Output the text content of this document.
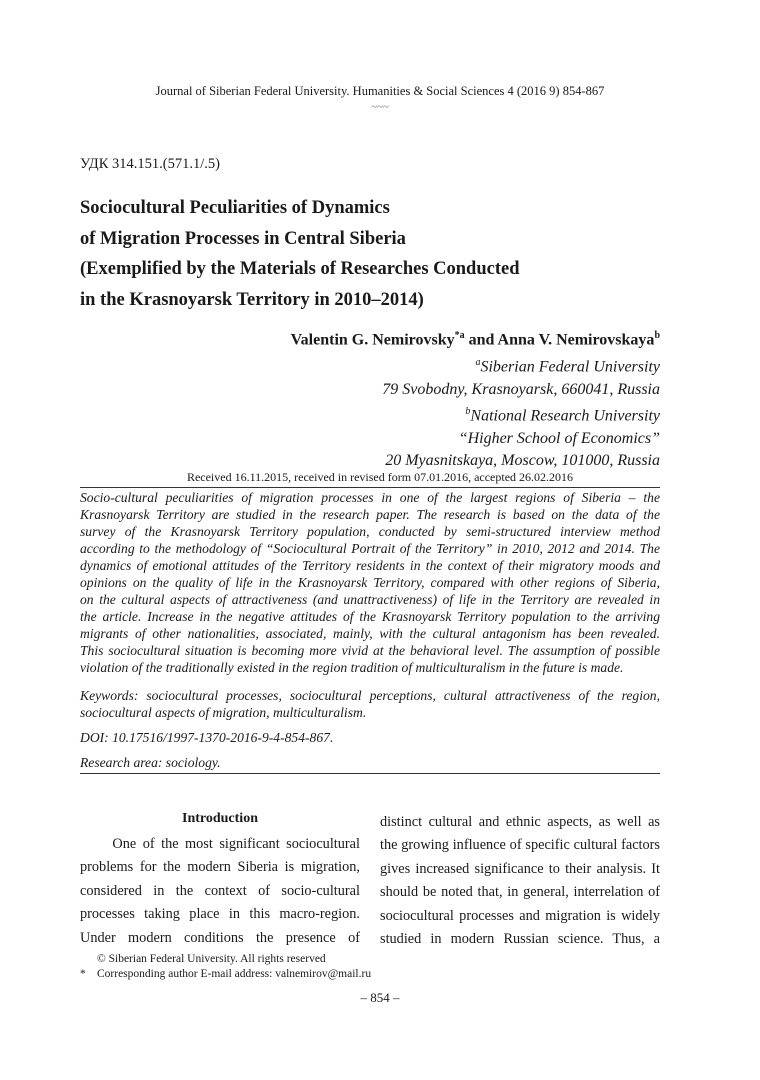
Journal of Siberian Federal University. Humanities & Social Sciences 4 (2016 9) 854-867
~~~
УДК 314.151.(571.1/.5)
Sociocultural Peculiarities of Dynamics
of Migration Processes in Central Siberia
(Exemplified by the Materials of Researches Conducted
in the Krasnoyarsk Territory in 2010–2014)
Valentin G. Nemirovsky$^{*a}$ and Anna V. Nemirovskaya$^b$
$^a$Siberian Federal University
79 Svobodny, Krasnoyarsk, 660041, Russia
$^b$National Research University
“Higher School of Economics”
20 Myasnitskaya, Moscow, 101000, Russia
Received 16.11.2015, received in revised form 07.01.2016, accepted 26.02.2016
Socio-cultural peculiarities of migration processes in one of the largest regions of Siberia – the
Krasnoyarsk Territory are studied in the research paper. The research is based on the data of the
survey of the Krasnoyarsk Territory population, conducted by semi-structured interview method
according to the methodology of “Sociocultural Portrait of the Territory” in 2010, 2012 and 2014. The
dynamics of emotional attitudes of the Territory residents in the context of their migratory moods and
opinions on the quality of life in the Krasnoyarsk Territory, compared with other regions of Siberia,
on the cultural aspects of attractiveness (and unattractiveness) of life in the Territory are revealed in
the article. Increase in the negative attitudes of the Krasnoyarsk Territory population to the arriving
migrants of other nationalities, associated, mainly, with the cultural antagonism has been revealed.
This sociocultural situation is becoming more vivid at the behavioral level. The assumption of possible
violation of the traditionally existed in the region tradition of multiculturalism in the future is made.
Keywords: sociocultural processes, sociocultural perceptions, cultural attractiveness of the region,
sociocultural aspects of migration, multiculturalism.
DOI: 10.17516/1997-1370-2016-9-4-854-867.
Research area: sociology.
Introduction
One of the most significant sociocultural
problems for the modern Siberia is migration,
considered in the context of socio-cultural
processes taking place in this macro-region.
Under modern conditions the presence of
distinct cultural and ethnic aspects, as well as
the growing influence of specific cultural factors
gives increased significance to their analysis. It
should be noted that, in general, interrelation of
sociocultural processes and migration is widely
studied in modern Russian science. Thus, a
© Siberian Federal University. All rights reserved
* Corresponding author E-mail address: valnemirov@mail.ru
– 854 –
